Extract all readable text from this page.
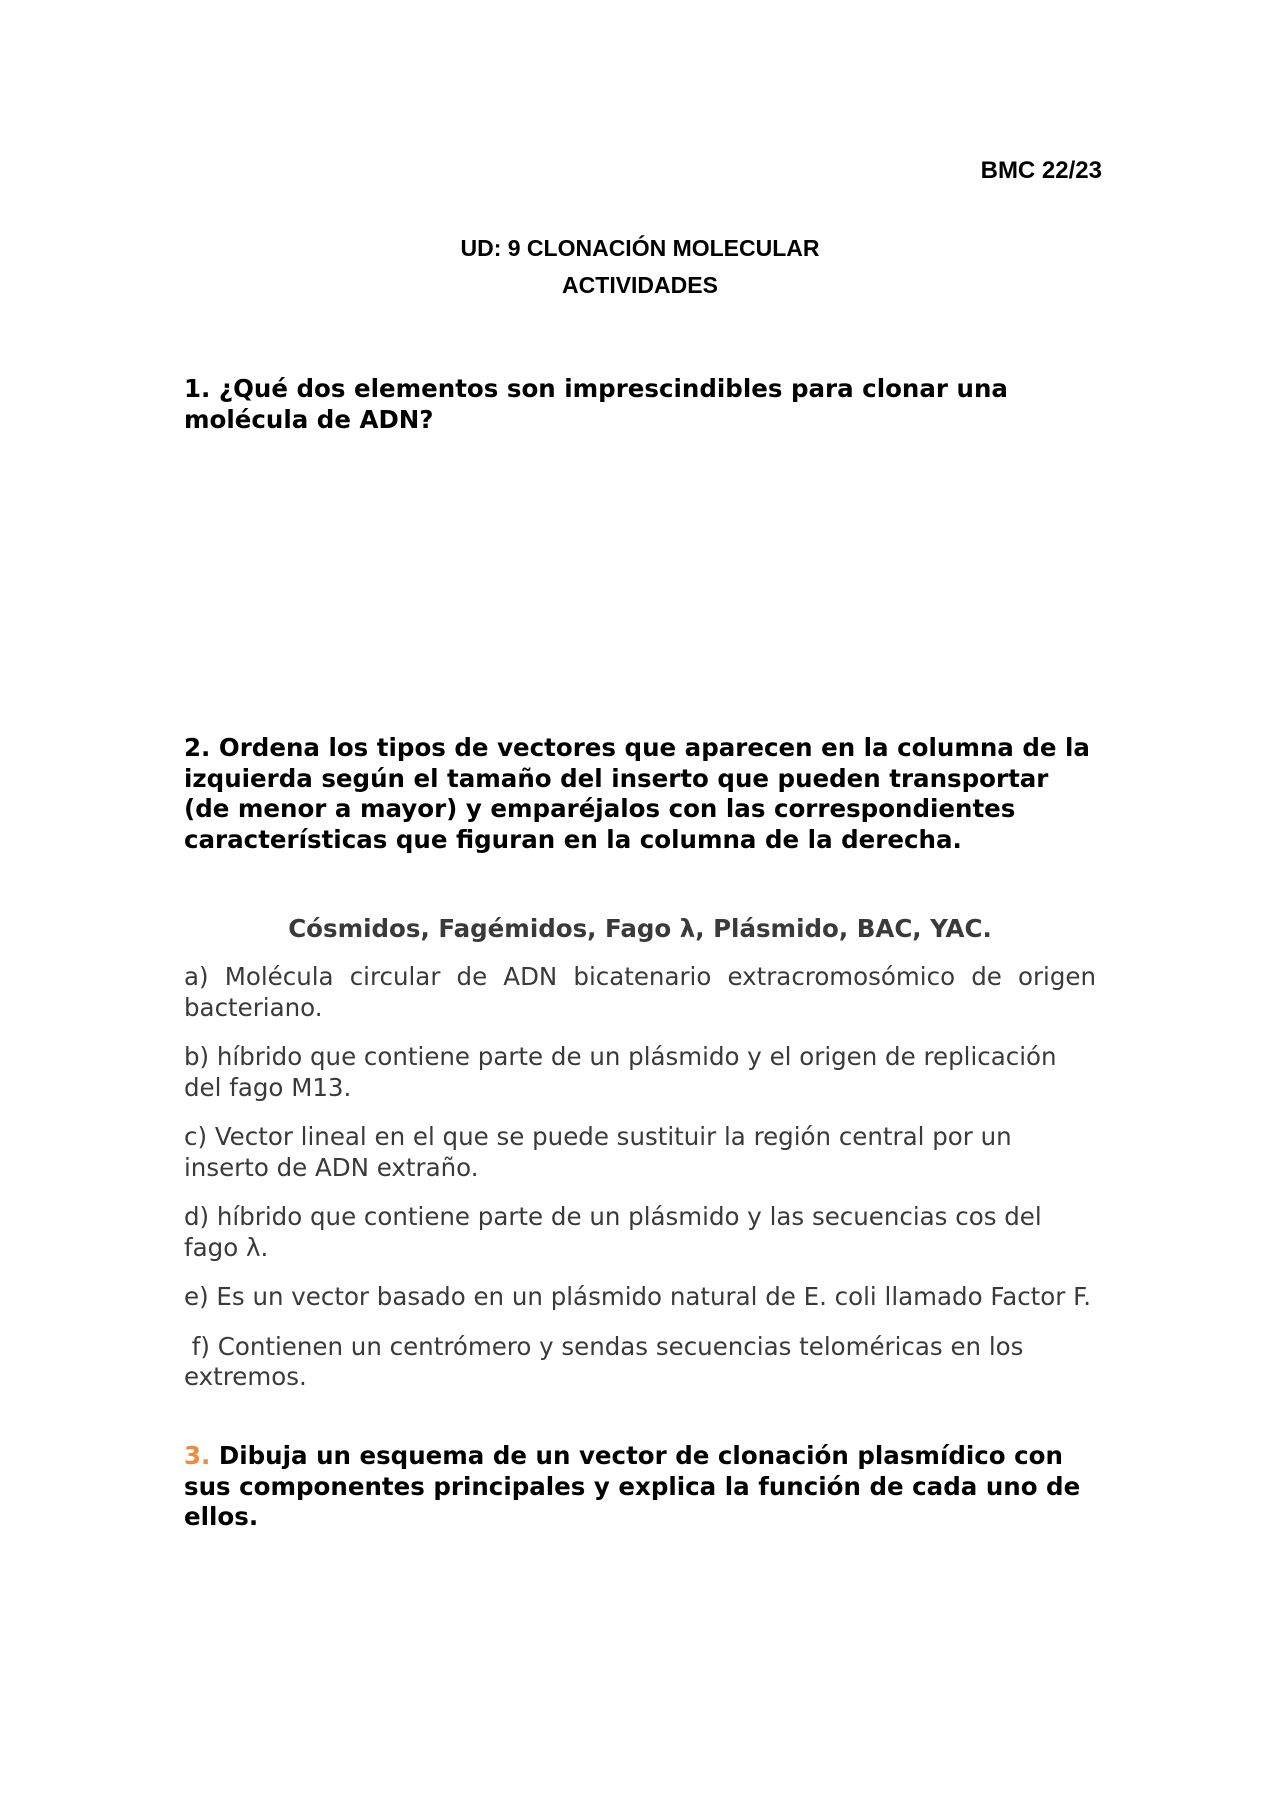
BMC 22/23
UD: 9 CLONACIÓN MOLECULAR
ACTIVIDADES

1. ¿Qué dos elementos son imprescindibles para clonar una molécula de ADN?

2. Ordena los tipos de vectores que aparecen en la columna de la izquierda según el tamaño del inserto que pueden transportar (de menor a mayor) y emparéjalos con las correspondientes características que figuran en la columna de la derecha.

Cósmidos, Fagémidos, Fago λ, Plásmido, BAC, YAC.

a) Molécula circular de ADN bicatenario extracromosómico de origen bacteriano.

b) híbrido que contiene parte de un plásmido y el origen de replicación del fago M13.

c) Vector lineal en el que se puede sustituir la región central por un inserto de ADN extraño.

d) híbrido que contiene parte de un plásmido y las secuencias cos del fago λ.

e) Es un vector basado en un plásmido natural de E. coli llamado Factor F.

f) Contienen un centrómero y sendas secuencias teloméricas en los extremos.

3. Dibuja un esquema de un vector de clonación plasmídico con sus componentes principales y explica la función de cada uno de ellos.
